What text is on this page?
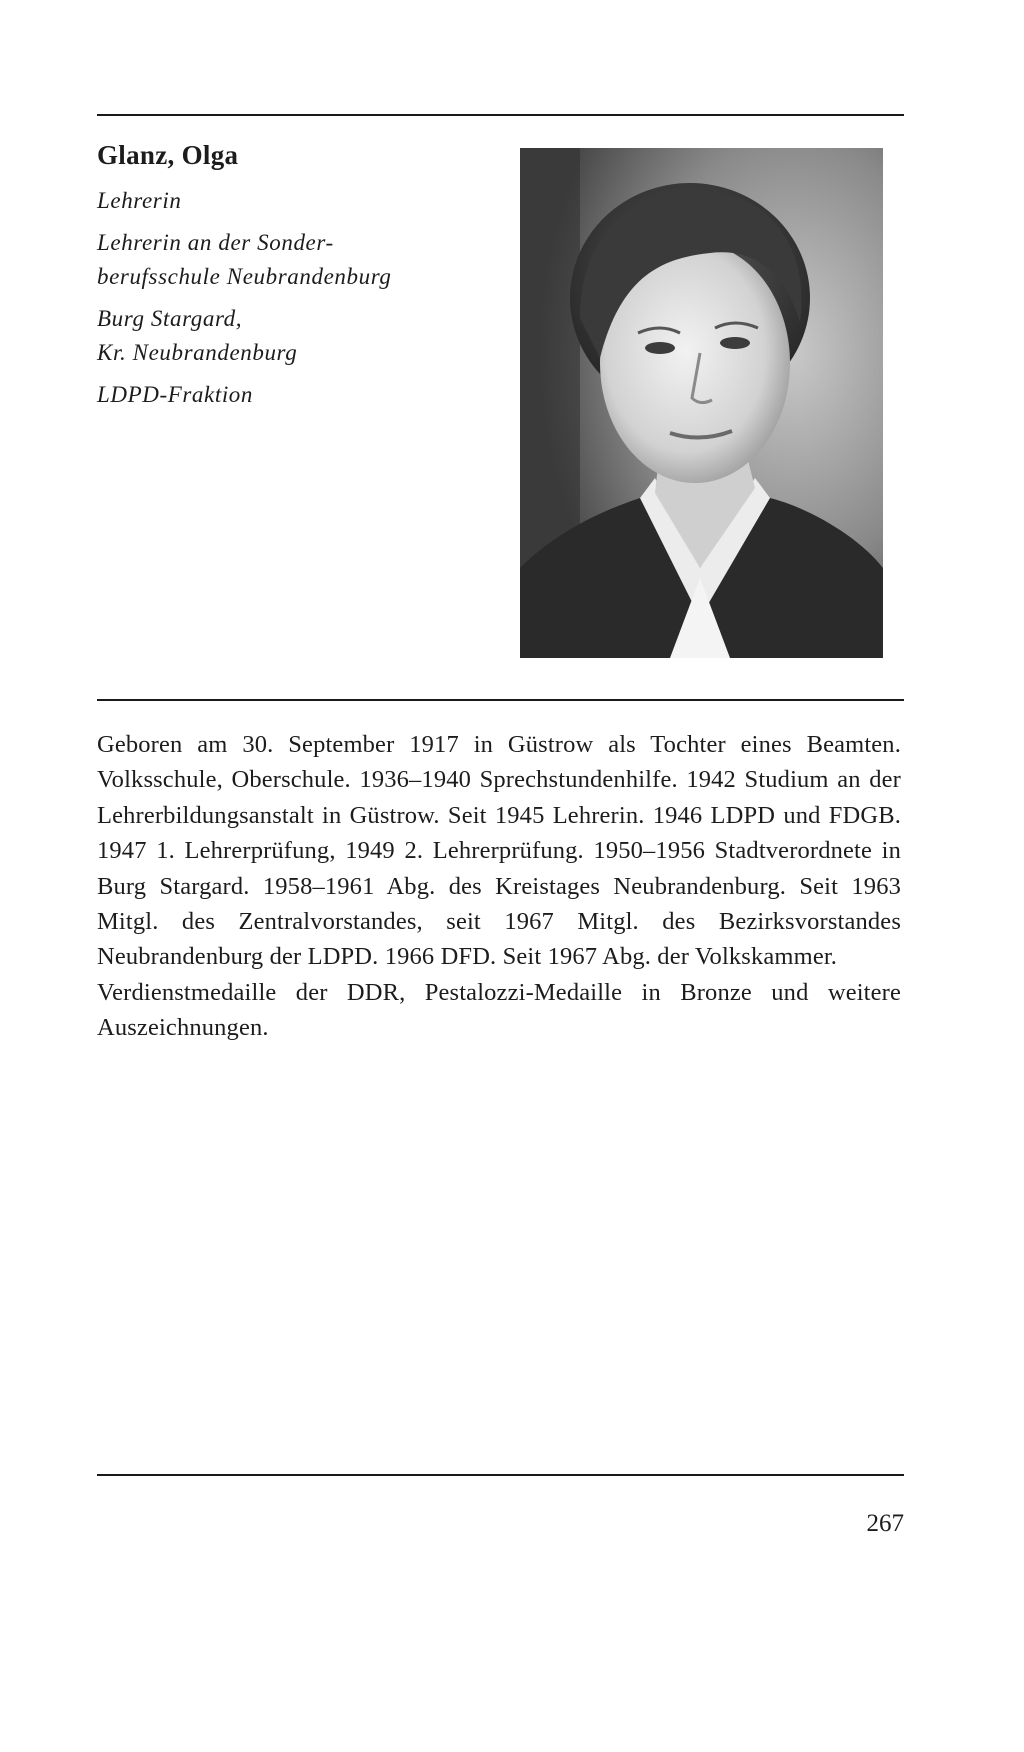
Glanz, Olga
Lehrerin
Lehrerin an der Sonder-
berufsschule Neubrandenburg
Burg Stargard,
Kr. Neubrandenburg
LDPD-Fraktion

Geboren am 30. September 1917 in Güstrow als Tochter eines Beamten. Volksschule, Oberschule. 1936–1940 Sprechstundenhilfe. 1942 Studium an der Lehrerbildungsanstalt in Güstrow. Seit 1945 Lehrerin. 1946 LDPD und FDGB. 1947 1. Lehrerprüfung, 1949 2. Lehrerprüfung. 1950–1956 Stadtverordnete in Burg Stargard. 1958–1961 Abg. des Kreistages Neubrandenburg. Seit 1963 Mitgl. des Zentralvorstandes, seit 1967 Mitgl. des Bezirksvorstandes Neubrandenburg der LDPD. 1966 DFD. Seit 1967 Abg. der Volkskammer.

Verdienstmedaille der DDR, Pestalozzi-Medaille in Bronze und weitere Auszeichnungen.

267
